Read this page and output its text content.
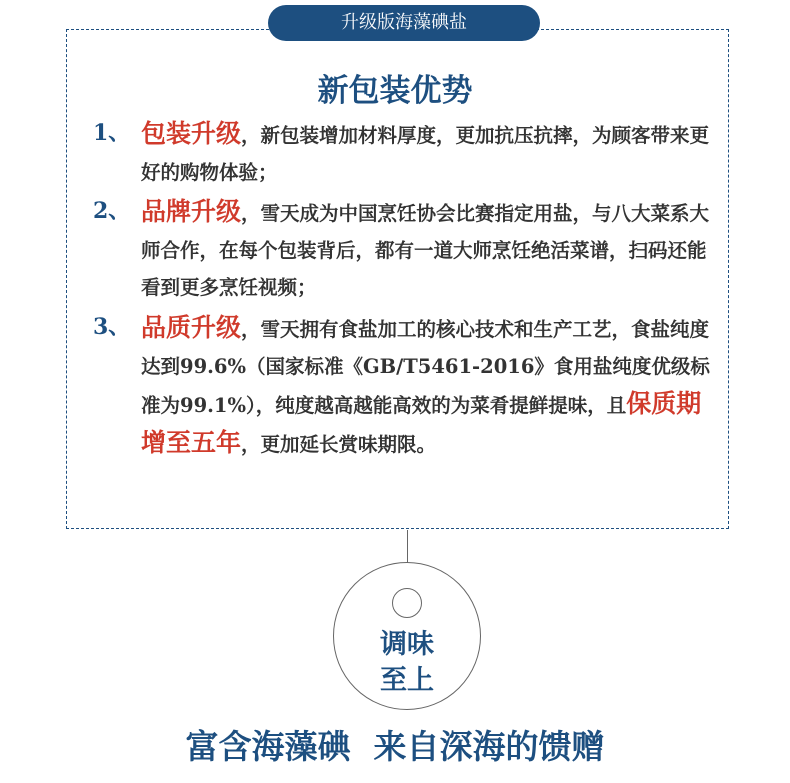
升级版海藻碘盐
新包装优势
1、 包装升级，新包装增加材料厚度，更加抗压抗摔，为顾客带来更好的购物体验；
2、 品牌升级，雪天成为中国烹饪协会比赛指定用盐，与八大菜系大师合作，在每个包装背后，都有一道大师烹饪绝活菜谱，扫码还能看到更多烹饪视频；
3、 品质升级，雪天拥有食盐加工的核心技术和生产工艺，食盐纯度达到99.6%（国家标准《GB/T5461-2016》食用盐纯度优级标准为99.1%），纯度越高越能高效的为菜肴提鲜提味，且保质期增至五年，更加延长赏味期限。
调味
至上
富含海藻碘  来自深海的馈赠
